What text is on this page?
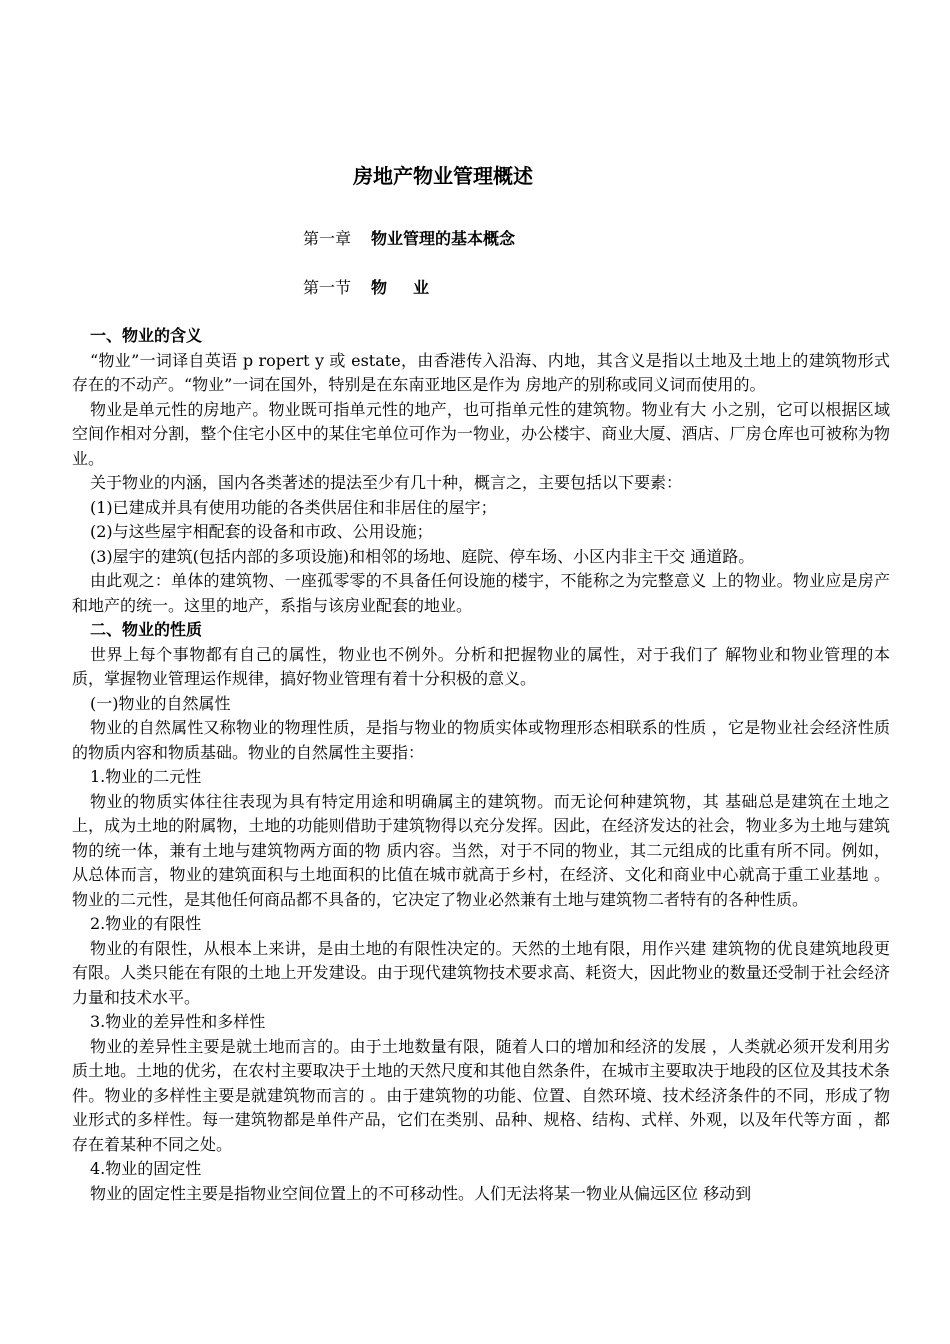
房地产物业管理概述
第一章 物业管理的基本概念
第一节 物业

一、物业的含义

“物业”一词译自英语 p ropert y 或 estate，由香港传入沿海、内地，其含义是指以土地及土地上的建筑物形式存在的不动产。“物业”一词在国外，特别是在东南亚地区是作为 房地产的别称或同义词而使用的。

物业是单元性的房地产。物业既可指单元性的地产，也可指单元性的建筑物。物业有大 小之别，它可以根据区域空间作相对分割，整个住宅小区中的某住宅单位可作为一物业，办公楼宇、商业大厦、酒店、厂房仓库也可被称为物业。

关于物业的内涵，国内各类著述的提法至少有几十种，概言之，主要包括以下要素：

(1)已建成并具有使用功能的各类供居住和非居住的屋宇；

(2)与这些屋宇相配套的设备和市政、公用设施；

(3)屋宇的建筑(包括内部的多项设施)和相邻的场地、庭院、停车场、小区内非主干交 通道路。

由此观之：单体的建筑物、一座孤零零的不具备任何设施的楼宇，不能称之为完整意义 上的物业。物业应是房产和地产的统一。这里的地产，系指与该房业配套的地业。

二、物业的性质

世界上每个事物都有自己的属性，物业也不例外。分析和把握物业的属性，对于我们了 解物业和物业管理的本质，掌握物业管理运作规律，搞好物业管理有着十分积极的意义。

(一)物业的自然属性

物业的自然属性又称物业的物理性质，是指与物业的物质实体或物理形态相联系的性质 ，它是物业社会经济性质的物质内容和物质基础。物业的自然属性主要指：

1.物业的二元性

物业的物质实体往往表现为具有特定用途和明确属主的建筑物。而无论何种建筑物，其 基础总是建筑在土地之上，成为土地的附属物，土地的功能则借助于建筑物得以充分发挥。因此，在经济发达的社会，物业多为土地与建筑物的统一体，兼有土地与建筑物两方面的物 质内容。当然，对于不同的物业，其二元组成的比重有所不同。例如，从总体而言，物业的建筑面积与土地面积的比值在城市就高于乡村，在经济、文化和商业中心就高于重工业基地 。物业的二元性，是其他任何商品都不具备的，它决定了物业必然兼有土地与建筑物二者特有的各种性质。

2.物业的有限性

物业的有限性，从根本上来讲，是由土地的有限性决定的。天然的土地有限，用作兴建 建筑物的优良建筑地段更有限。人类只能在有限的土地上开发建设。由于现代建筑物技术要求高、耗资大，因此物业的数量还受制于社会经济力量和技术水平。

3.物业的差异性和多样性

物业的差异性主要是就土地而言的。由于土地数量有限，随着人口的增加和经济的发展 ，人类就必须开发利用劣质土地。土地的优劣，在农村主要取决于土地的天然尺度和其他自然条件，在城市主要取决于地段的区位及其技术条件。物业的多样性主要是就建筑物而言的 。由于建筑物的功能、位置、自然环境、技术经济条件的不同，形成了物业形式的多样性。每一建筑物都是单件产品，它们在类别、品种、规格、结构、式样、外观，以及年代等方面 ，都存在着某种不同之处。

4.物业的固定性

物业的固定性主要是指物业空间位置上的不可移动性。人们无法将某一物业从偏远区位 移动到
